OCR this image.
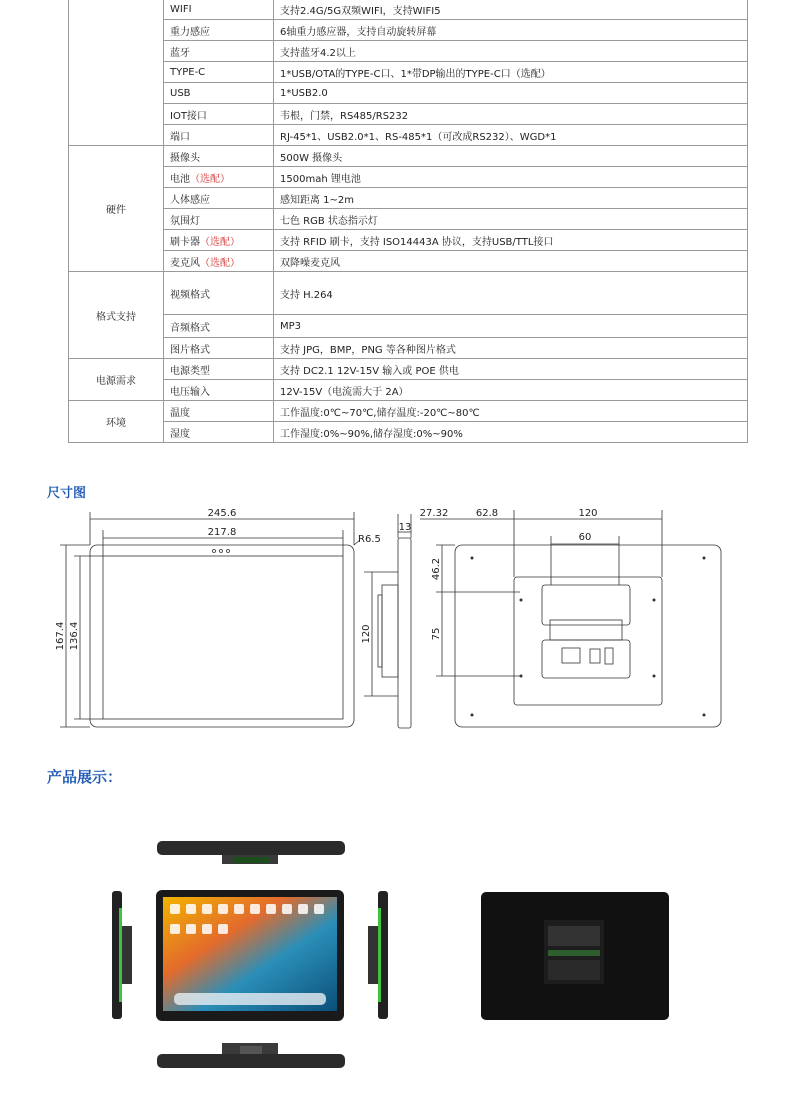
	WIFI	支持2.4G/5G双频WIFI，支持WIFI5
	重力感应	6轴重力感应器，支持自动旋转屏幕
	蓝牙	支持蓝牙4.2以上
	TYPE-C	1*USB/OTA的TYPE-C口、1*带DP输出的TYPE-C口（选配）
	USB	1*USB2.0
	IOT接口	韦根，门禁，RS485/RS232
	端口	RJ-45*1、USB2.0*1、RS-485*1（可改成RS232）、WGD*1
硬件	摄像头	500W 摄像头
	电池（选配）	1500mah 锂电池
	人体感应	感知距离 1~2m
	氛围灯	七色 RGB 状态指示灯
	刷卡器（选配）	支持 RFID 刷卡，支持 ISO14443A 协议，支持USB/TTL接口
	麦克风（选配）	双降噪麦克风
格式支持	视频格式	支持 H.264
	音频格式	MP3
	图片格式	支持 JPG，BMP，PNG 等各种图片格式
电源需求	电源类型	支持 DC2.1 12V-15V 输入或 POE 供电
	电压输入	12V-15V（电流需大于 2A）
环境	温度	工作温度:0℃~70℃,储存温度:-20℃~80℃
	湿度	工作湿度:0%~90%,储存湿度:0%~90%
尺寸图
245.6
217.8
R6.5
167.4 136.4
13
27.32
120
62.8	120
60
46.2
75
产品展示：
